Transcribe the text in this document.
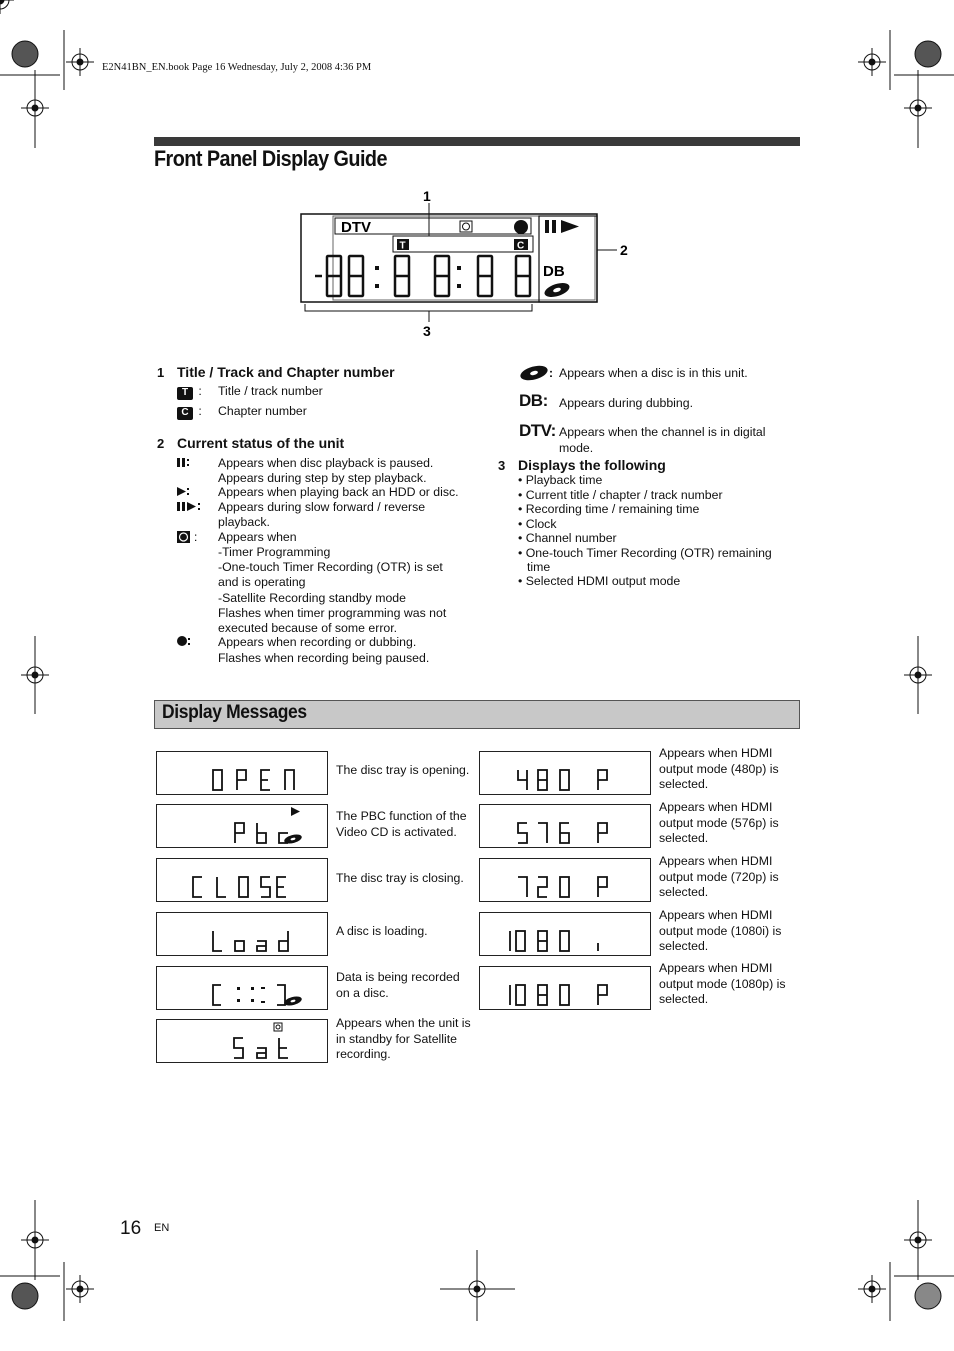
E2N41BN_EN.book Page 16 Wednesday, July 2, 2008 4:36 PM
Front Panel Display Guide
DTV
T	C
DB
1
2
3
1 Title / Track and Chapter number
T : Title / track number
C : Chapter number
2 Current status of the unit
:
Appears when disc playback is paused.
Appears during step by step playback.
Appears when playing back an HDD or disc.
Appears during slow forward / reverse
playback.
Appears when
-Timer Programming
-One-touch Timer Recording (OTR) is set
and is operating
-Satellite Recording standby mode
Flashes when timer programming was not
executed because of some error.
Appears when recording or dubbing.
Flashes when recording being paused.
:
DB:
DTV:
Appears when a disc is in this unit.
Appears during dubbing.
Appears when the channel is in digital
mode.
3 Displays the following
• Playback time
• Current title / chapter / track number
• Recording time / remaining time
• Clock
• Channel number
• One-touch Timer Recording (OTR) remaining
time
• Selected HDMI output mode
Display Messages
The disc tray is opening.
The PBC function of the
Video CD is activated.
The disc tray is closing.
A disc is loading.
Data is being recorded
on a disc.
Appears when the unit is
in standby for Satellite
recording.
Appears when HDMI
output mode (480p) is
selected.
Appears when HDMI
output mode (576p) is
selected.
Appears when HDMI
output mode (720p) is
selected.
Appears when HDMI
output mode (1080i) is
selected.
Appears when HDMI
output mode (1080p) is
selected.
16 EN
